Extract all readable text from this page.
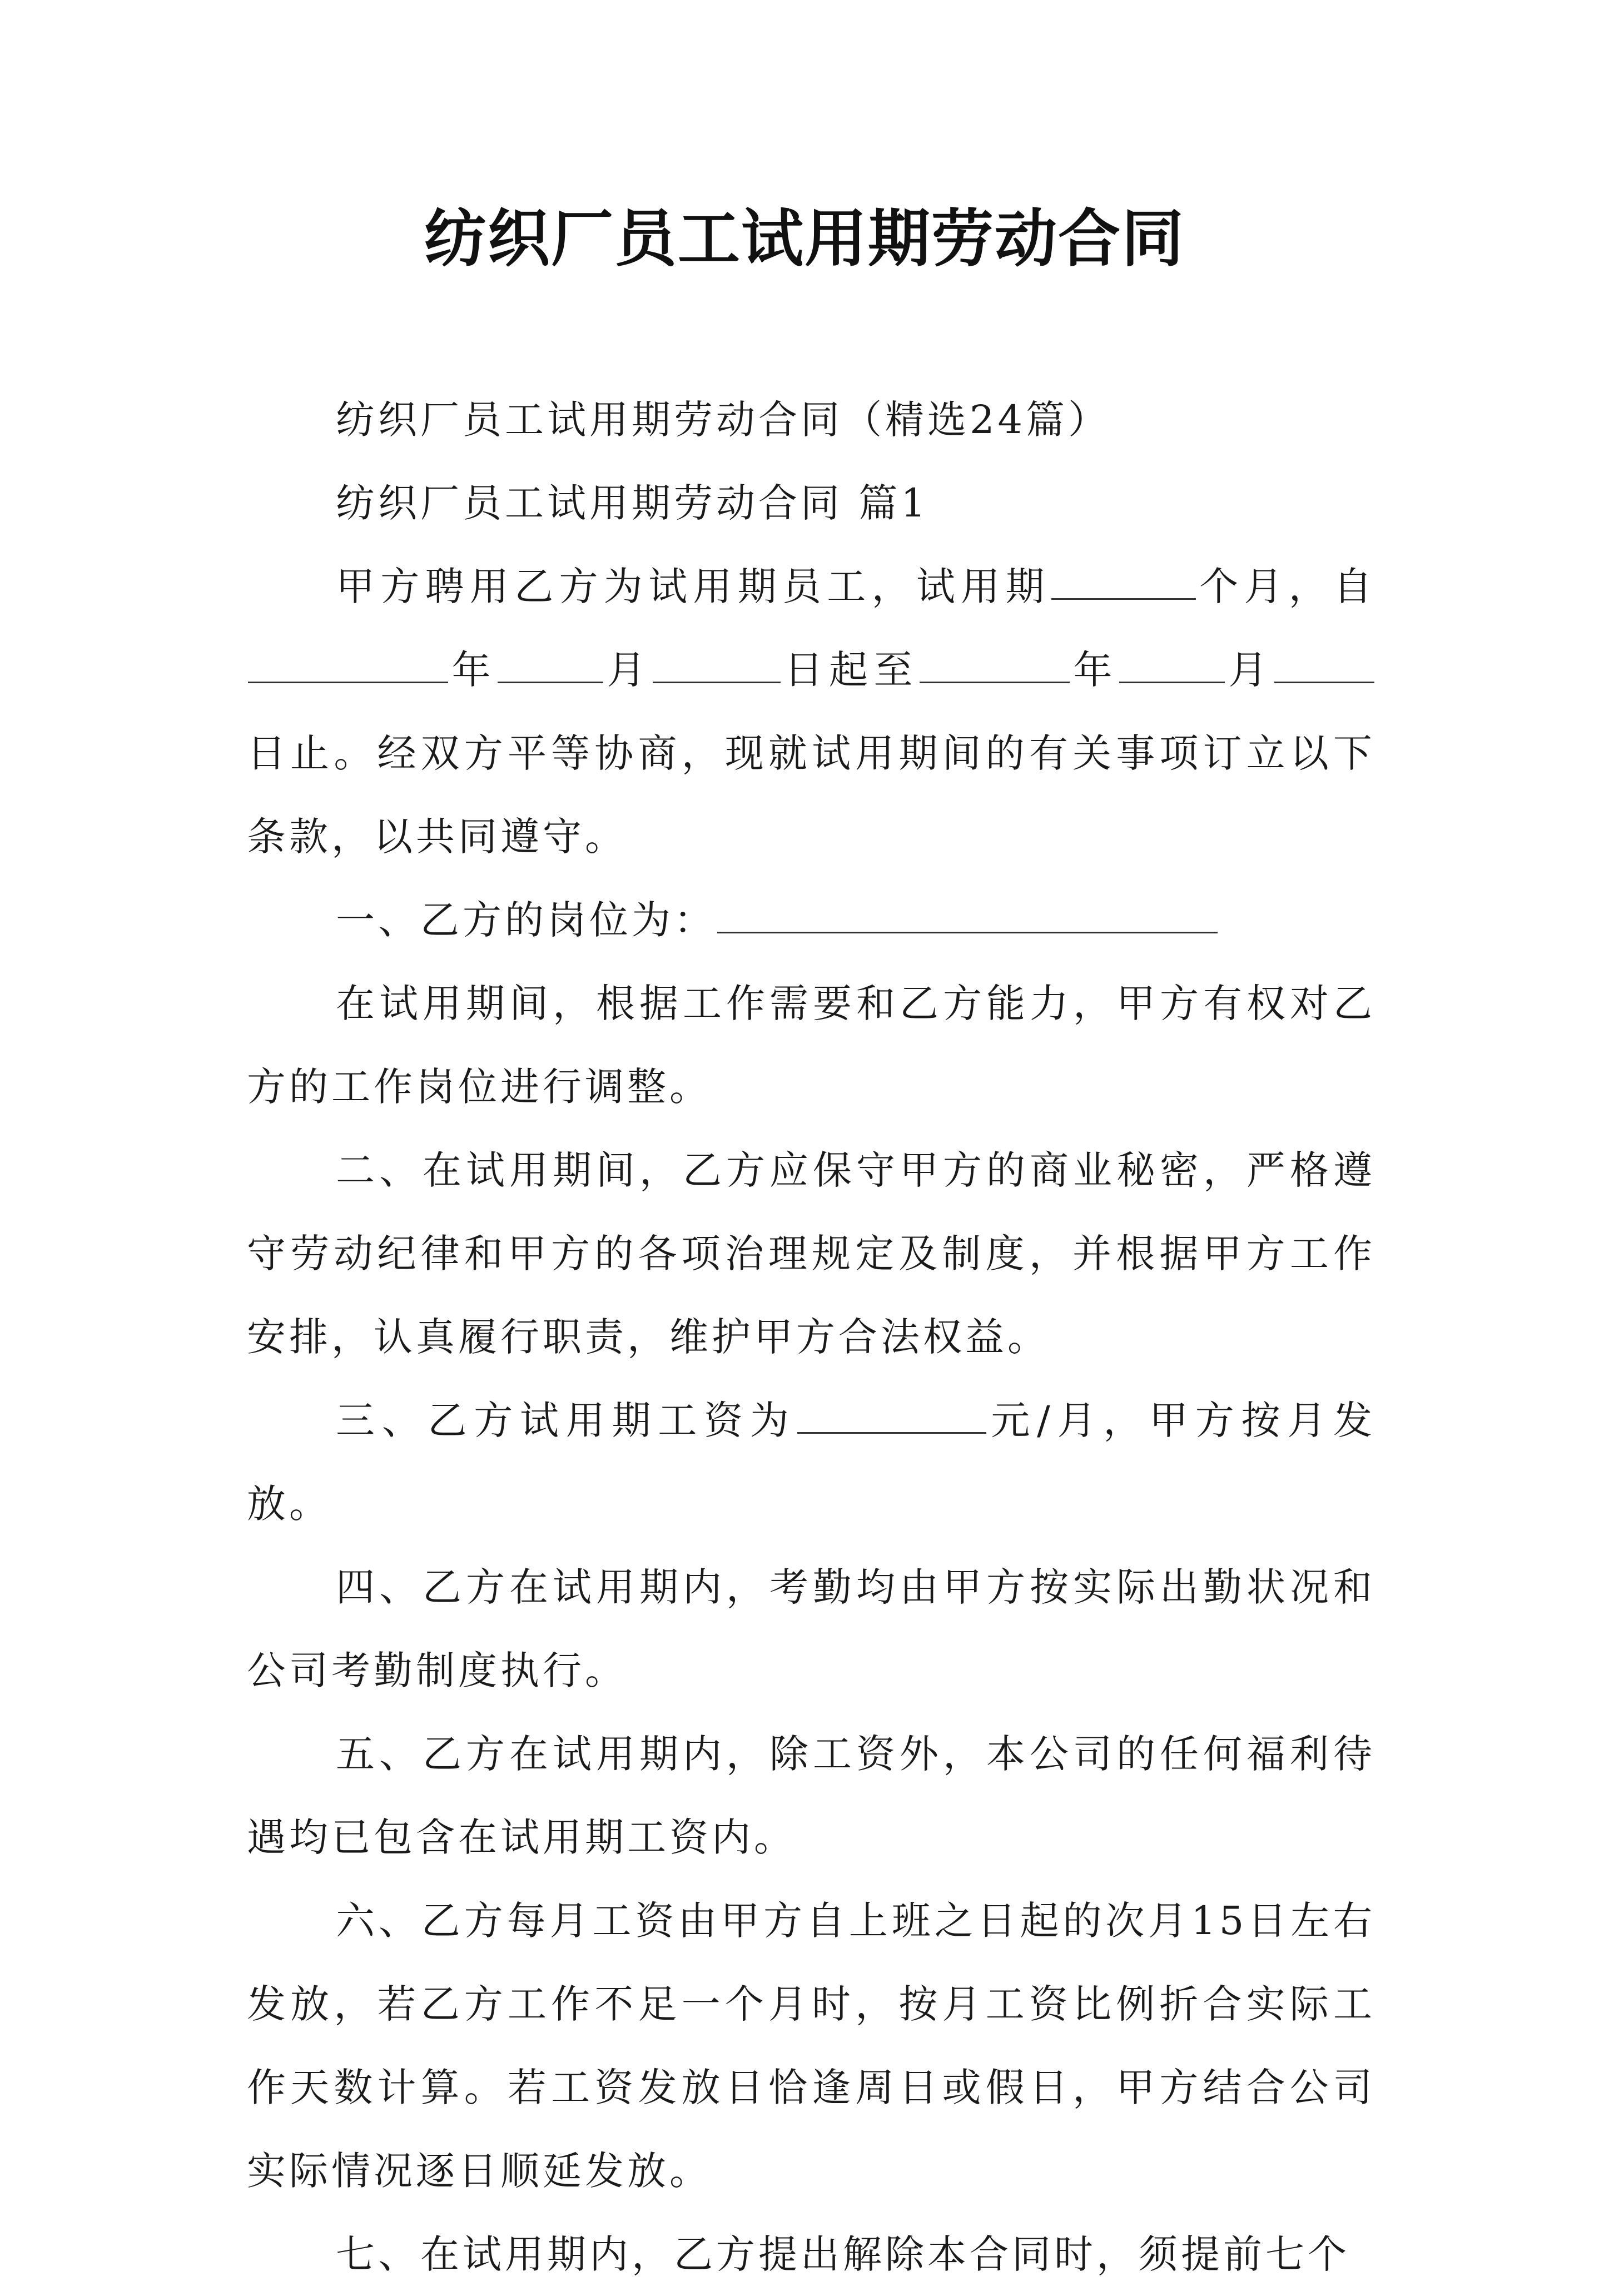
纺织厂员工试用期劳动合同

纺织厂员工试用期劳动合同（精选24篇）

纺织厂员工试用期劳动合同 篇1

甲方聘用乙方为试用期员工，试用期	个月，自年	月	日起至	年	月日止。经双方平等协商，现就试用期间的有关事项订立以下条款，以共同遵守。

一、乙方的岗位为：

在试用期间，根据工作需要和乙方能力，甲方有权对乙方的工作岗位进行调整。

二、在试用期间，乙方应保守甲方的商业秘密，严格遵守劳动纪律和甲方的各项治理规定及制度，并根据甲方工作安排，认真履行职责，维护甲方合法权益。

三、乙方试用期工资为	元/月，甲方按月发放。

四、乙方在试用期内，考勤均由甲方按实际出勤状况和公司考勤制度执行。

五、乙方在试用期内，除工资外，本公司的任何福利待遇均已包含在试用期工资内。

六、乙方每月工资由甲方自上班之日起的次月15日左右发放，若乙方工作不足一个月时，按月工资比例折合实际工作天数计算。若工资发放日恰逢周日或假日，甲方结合公司实际情况逐日顺延发放。

七、在试用期内，乙方提出解除本合同时，须提前七个
